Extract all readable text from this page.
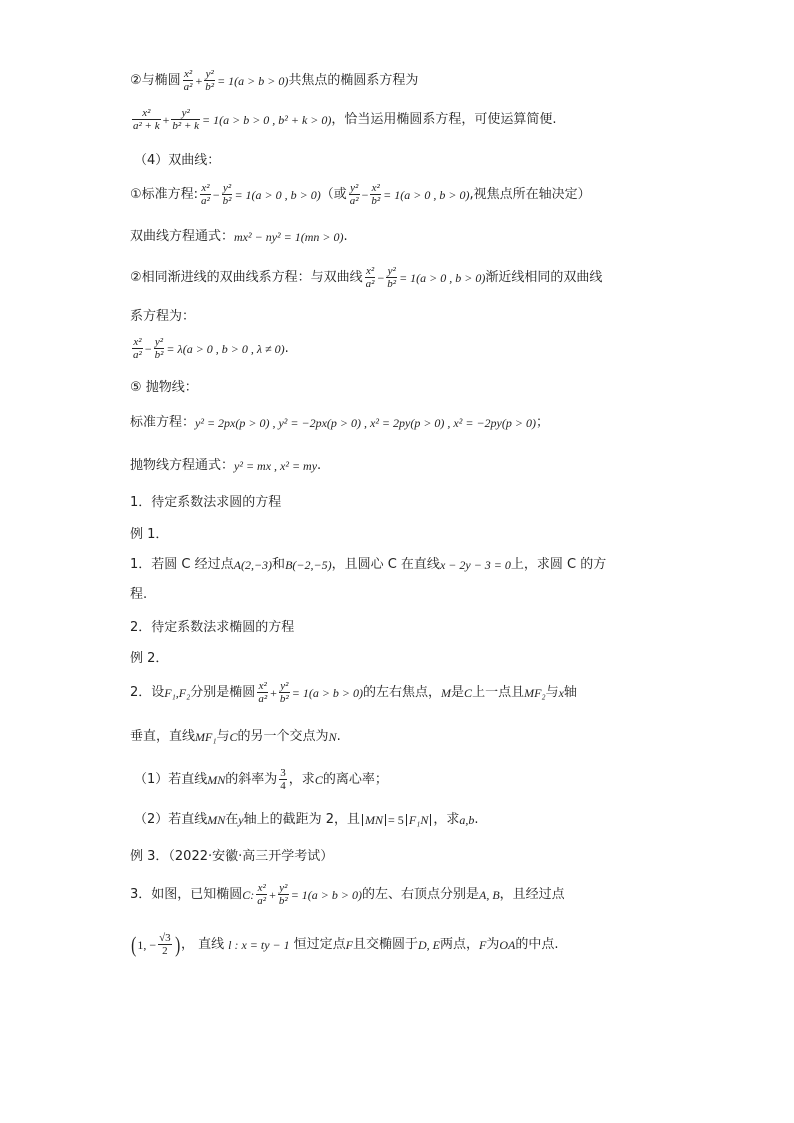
②与椭圆 $\frac{\text{x²}}{\text{a²}} + \frac{\text{y²}}{\text{b²}} = 1(a > b > 0)$ 共焦点的椭圆系方程为
$\frac{\text{x²}}{\text{a² + k}} + \frac{\text{y²}}{\text{b² + k}} = 1(a > b > 0$ , b² + k > 0) ，恰当运用椭圆系方程，可使运算简便.
（4）双曲线：
①标准方程: $\frac{\text{x²}}{\text{a²}} - \frac{\text{y²}}{\text{b²}} = 1(a > 0$ , b > 0) （或 $\frac{\text{y²}}{\text{a²}} - \frac{\text{x²}}{\text{b²}} = 1(a > 0$ , b > 0) ,视焦点所在轴决定）
双曲线方程通式： mx² − ny² = 1(mn > 0) .
②相同渐进线的双曲线系方程：与双曲线 $\frac{\text{x²}}{\text{a²}} - \frac{\text{y²}}{\text{b²}} = 1(a > 0$ , b > 0) 渐近线相同的双曲线
系方程为：
$\frac{\text{x²}}{\text{a²}} - \frac{\text{y²}}{\text{b²}} = \lambda(a > 0$ , b > 0 , λ ≠ 0) .
⑤ 抛物线：
标准方程： y² = 2px(p > 0) , y² = −2px(p > 0) , x² = 2py(p > 0) , x² = −2py(p > 0) ；
抛物线方程通式： y² = mx , x² = my .
1．待定系数法求圆的方程
例 1．
1．若圆 C 经过点 A(2,−3) 和 B(−2,−5) ，且圆心 C 在直线 x − 2y − 3 = 0 上，求圆 C 的方
程.
2．待定系数法求椭圆的方程
例 2．
2．设 F₁,F₂ 分别是椭圆 $\frac{\text{x²}}{\text{a²}} + \frac{\text{y²}}{\text{b²}} = 1(a > b > 0)$ 的左右焦点， M 是 C 上一点且 MF₂ 与 x 轴
垂直，直线 MF₁ 与 C 的另一个交点为 N .
（1）若直线 MN 的斜率为 $\frac{3}{4}$ ，求 C 的离心率；
（2）若直线 MN 在 y 轴上的截距为 2，且 MN = 5 F₁N ，求 a,b .
例 3．（2022·安徽·高三开学考试）
3．如图，已知椭圆 C: $\frac{\text{x²}}{\text{a²}} + \frac{\text{y²}}{\text{b²}} = 1(a > b > 0)$ 的左、右顶点分别是 A, B ，且经过点
( 1, − $\frac{√3}{2}$ ) ， 直线 l : x = ty − 1 恒过定点 F 且交椭圆于 D, E 两点， F 为 OA 的中点.
